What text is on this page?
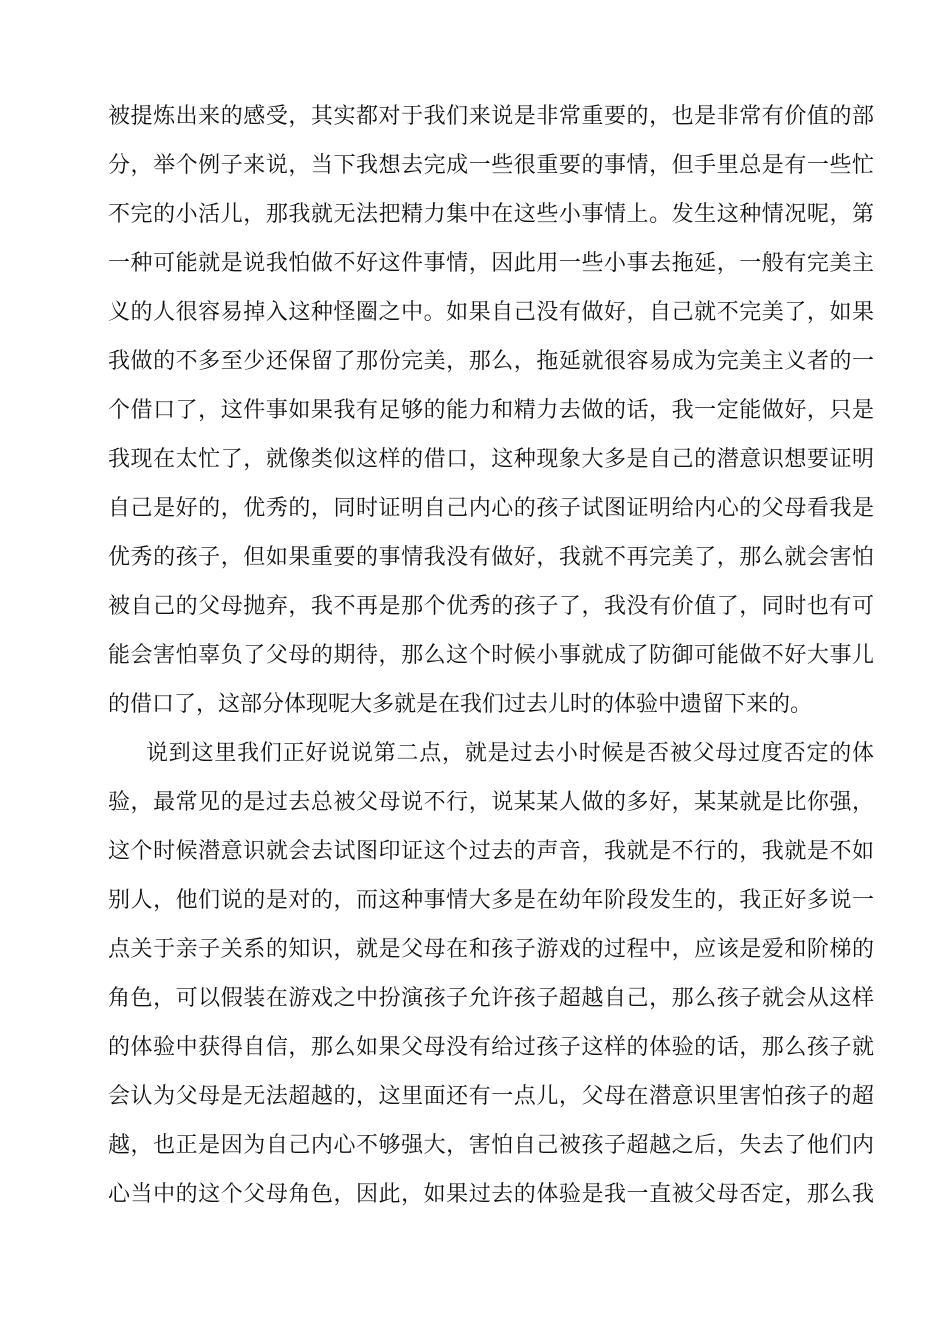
被提炼出来的感受，其实都对于我们来说是非常重要的，也是非常有价值的部
分，举个例子来说，当下我想去完成一些很重要的事情，但手里总是有一些忙
不完的小活儿，那我就无法把精力集中在这些小事情上。发生这种情况呢，第
一种可能就是说我怕做不好这件事情，因此用一些小事去拖延，一般有完美主
义的人很容易掉入这种怪圈之中。如果自己没有做好，自己就不完美了，如果
我做的不多至少还保留了那份完美，那么，拖延就很容易成为完美主义者的一
个借口了，这件事如果我有足够的能力和精力去做的话，我一定能做好，只是
我现在太忙了，就像类似这样的借口，这种现象大多是自己的潜意识想要证明
自己是好的，优秀的，同时证明自己内心的孩子试图证明给内心的父母看我是
优秀的孩子，但如果重要的事情我没有做好，我就不再完美了，那么就会害怕
被自己的父母抛弃，我不再是那个优秀的孩子了，我没有价值了，同时也有可
能会害怕辜负了父母的期待，那么这个时候小事就成了防御可能做不好大事儿
的借口了，这部分体现呢大多就是在我们过去儿时的体验中遗留下来的。
说到这里我们正好说说第二点，就是过去小时候是否被父母过度否定的体
验，最常见的是过去总被父母说不行，说某某人做的多好，某某就是比你强，
这个时候潜意识就会去试图印证这个过去的声音，我就是不行的，我就是不如
别人，他们说的是对的，而这种事情大多是在幼年阶段发生的，我正好多说一
点关于亲子关系的知识，就是父母在和孩子游戏的过程中，应该是爱和阶梯的
角色，可以假装在游戏之中扮演孩子允许孩子超越自己，那么孩子就会从这样
的体验中获得自信，那么如果父母没有给过孩子这样的体验的话，那么孩子就
会认为父母是无法超越的，这里面还有一点儿，父母在潜意识里害怕孩子的超
越，也正是因为自己内心不够强大，害怕自己被孩子超越之后，失去了他们内
心当中的这个父母角色，因此，如果过去的体验是我一直被父母否定，那么我
